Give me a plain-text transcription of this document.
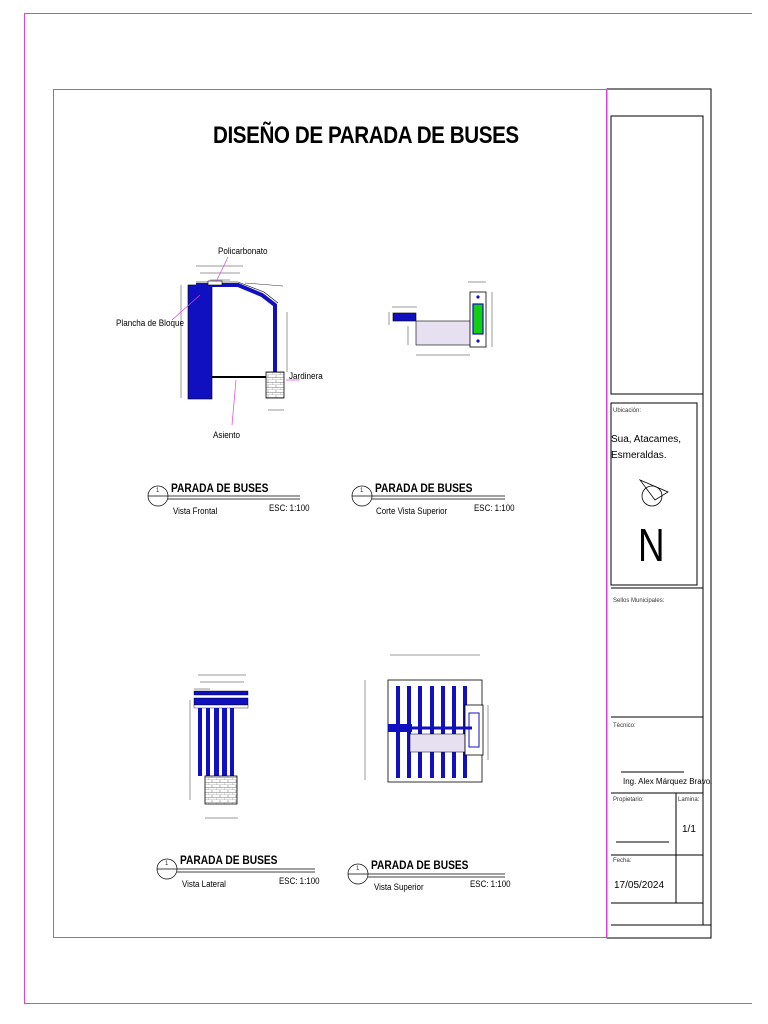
DISEÑO DE PARADA DE BUSES
Policarbonato
Plancha de Bloque
Jardinera
Asiento
PARADA DE BUSES
Vista Frontal	ESC: 1:100
1	PARADA DE BUSES
Corte Vista Superior	ESC: 1:100
1
PARADA DE BUSES
Vista Lateral	ESC: 1:100
1	PARADA DE BUSES
Vista Superior	ESC: 1:100
1
Ubicación:
Sua, Atacames,
Esmeraldas.
N
Sellos Municipales:
Técnico:
Ing. Alex Márquez Bravo.
Propietario:	Lamina:
1/1
Fecha:
17/05/2024
